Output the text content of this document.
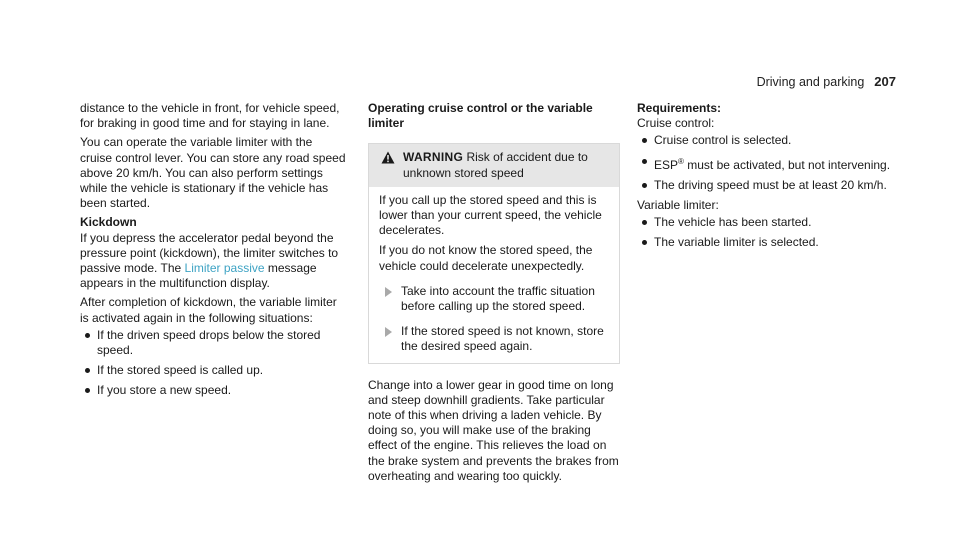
Driving and parking 207

distance to the vehicle in front, for vehicle speed, for braking in good time and for staying in lane.

You can operate the variable limiter with the cruise control lever. You can store any road speed above 20 km/h. You can also perform settings while the vehicle is stationary if the vehicle has been started.

Kickdown

If you depress the accelerator pedal beyond the pressure point (kickdown), the limiter switches to passive mode. The Limiter passive message appears in the multifunction display.

After completion of kickdown, the variable limiter is activated again in the following situations:

If the driven speed drops below the stored speed.
If the stored speed is called up.
If you store a new speed.

Operating cruise control or the variable limiter

WARNING Risk of accident due to unknown stored speed

If you call up the stored speed and this is lower than your current speed, the vehicle decelerates.

If you do not know the stored speed, the vehicle could decelerate unexpectedly.

Take into account the traffic situation before calling up the stored speed.
If the stored speed is not known, store the desired speed again.

Change into a lower gear in good time on long and steep downhill gradients. Take particular note of this when driving a laden vehicle. By doing so, you will make use of the braking effect of the engine. This relieves the load on the brake system and prevents the brakes from overheating and wearing too quickly.

Requirements:

Cruise control:

Cruise control is selected.
ESP® must be activated, but not intervening.
The driving speed must be at least 20 km/h.

Variable limiter:

The vehicle has been started.
The variable limiter is selected.
